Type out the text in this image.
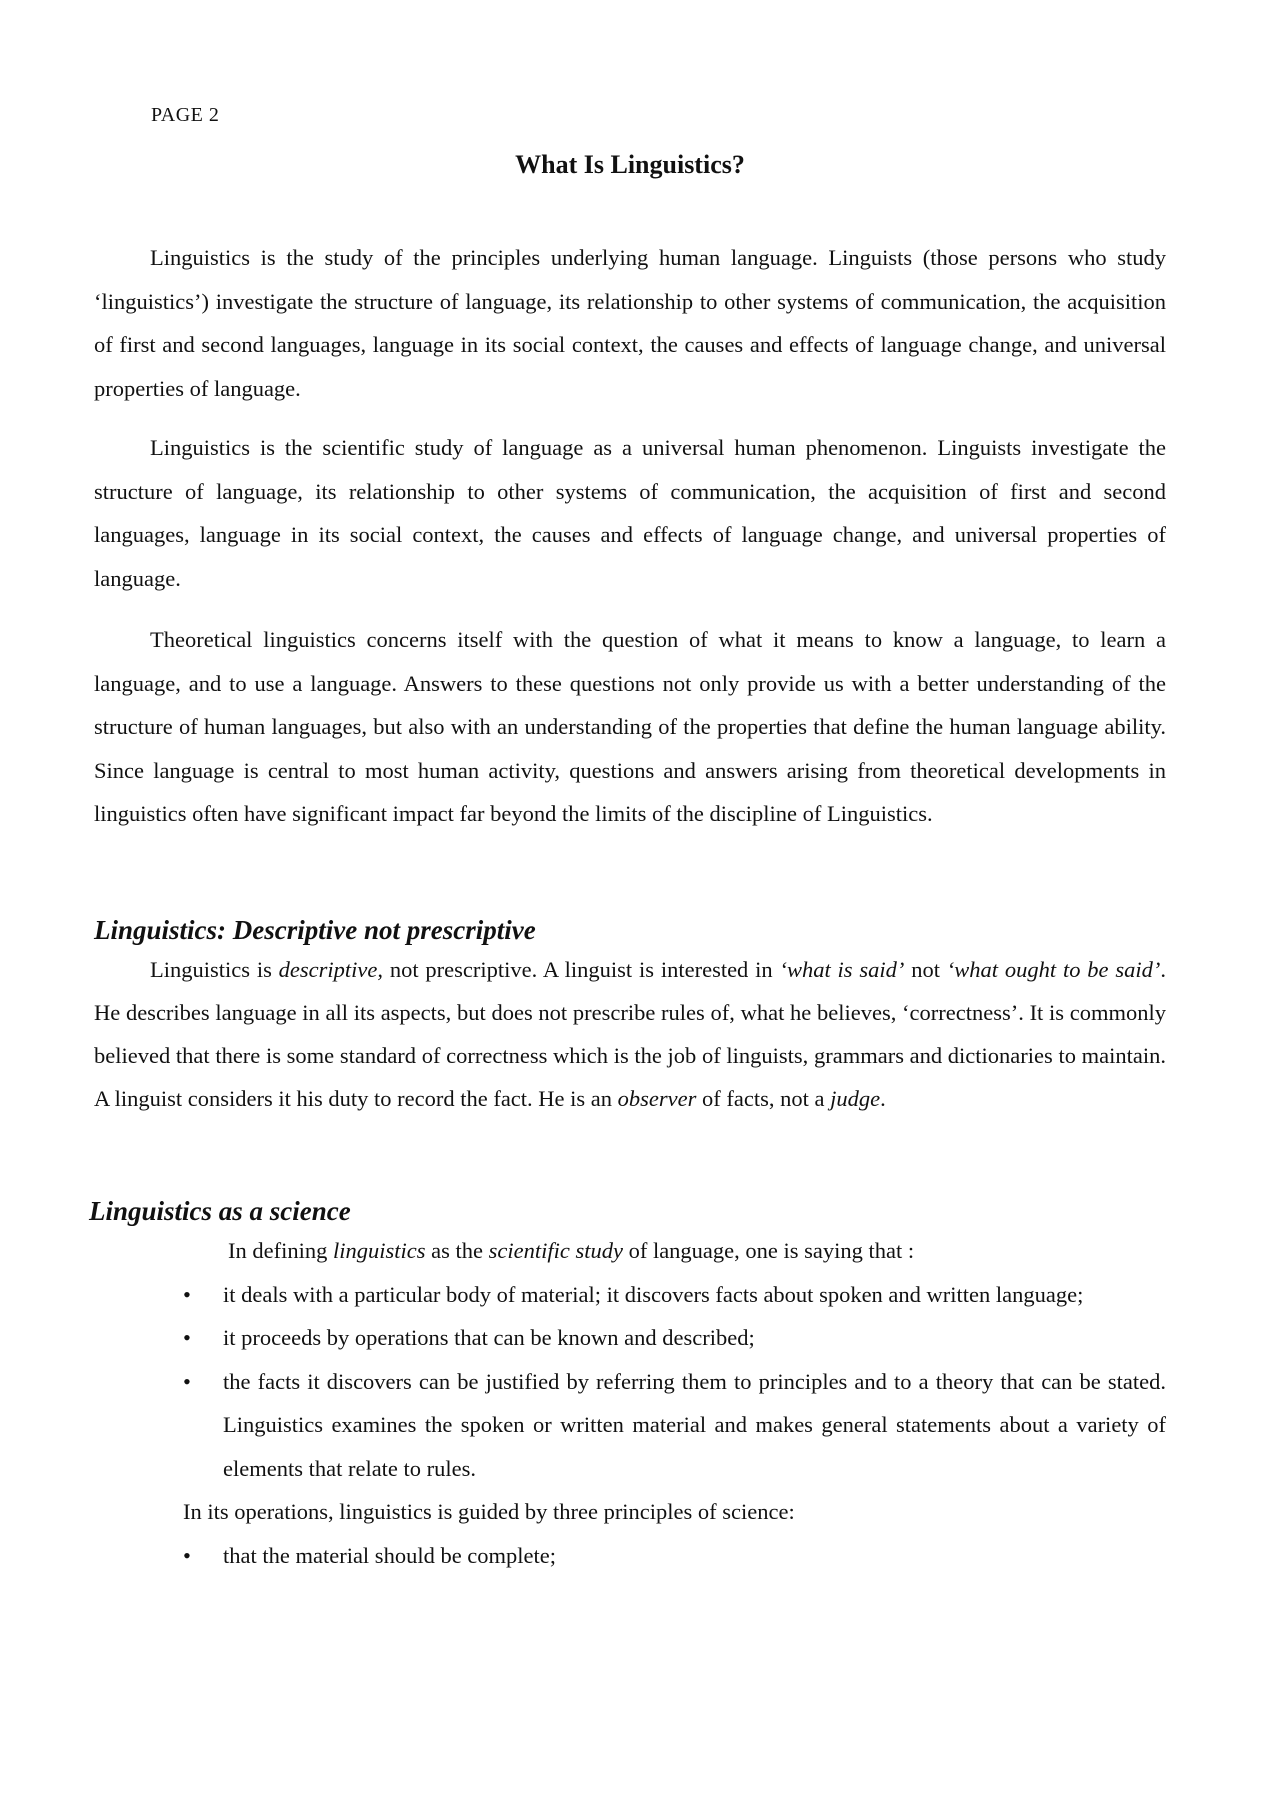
PAGE 2
What Is Linguistics?

Linguistics is the study of the principles underlying human language. Linguists (those persons who study ‘linguistics’) investigate the structure of language, its relationship to other systems of communication, the acquisition of first and second languages, language in its social context, the causes and effects of language change, and universal properties of language.

Linguistics is the scientific study of language as a universal human phenomenon. Linguists investigate the structure of language, its relationship to other systems of communication, the acquisition of first and second languages, language in its social context, the causes and effects of language change, and universal properties of language.

Theoretical linguistics concerns itself with the question of what it means to know a language, to learn a language, and to use a language. Answers to these questions not only provide us with a better understanding of the structure of human languages, but also with an understanding of the properties that define the human language ability. Since language is central to most human activity, questions and answers arising from theoretical developments in linguistics often have significant impact far beyond the limits of the discipline of Linguistics.

Linguistics: Descriptive not prescriptive

Linguistics is descriptive, not prescriptive. A linguist is interested in ‘what is said’ not ‘what ought to be said’. He describes language in all its aspects, but does not prescribe rules of, what he believes, ‘correctness’. It is commonly believed that there is some standard of correctness which is the job of linguists, grammars and dictionaries to maintain. A linguist considers it his duty to record the fact. He is an observer of facts, not a judge.

Linguistics as a science

In defining linguistics as the scientific study of language, one is saying that :

• it deals with a particular body of material; it discovers facts about spoken and written language;
• it proceeds by operations that can be known and described;
• the facts it discovers can be justified by referring them to principles and to a theory that can be stated. Linguistics examines the spoken or written material and makes general statements about a variety of elements that relate to rules.

In its operations, linguistics is guided by three principles of science:

• that the material should be complete;
